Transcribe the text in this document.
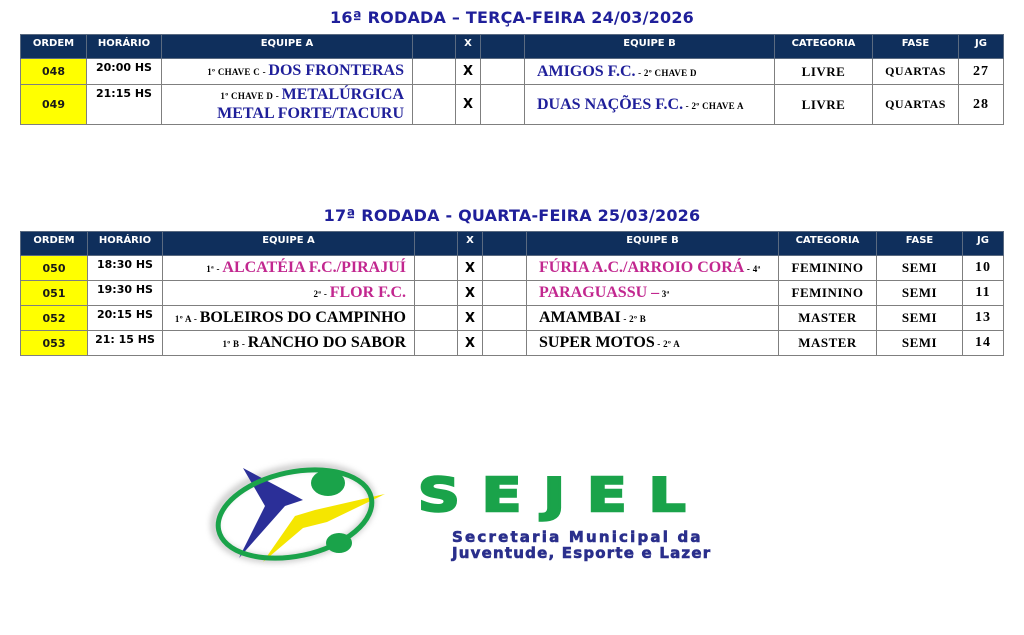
16ª RODADA – TERÇA-FEIRA 24/03/2026
ORDEM	HORÁRIO	EQUIPE A		X		EQUIPE B	CATEGORIA	FASE	JG
048	20:00 HS	1º CHAVE C - DOS FRONTERAS		X		AMIGOS F.C. - 2º CHAVE D	LIVRE	QUARTAS	27
049	21:15 HS	1º CHAVE D - METALÚRGICA
METAL FORTE/TACURU		X		DUAS NAÇÕES F.C. - 2º CHAVE A	LIVRE	QUARTAS	28
17ª RODADA - QUARTA-FEIRA 25/03/2026
ORDEM	HORÁRIO	EQUIPE A		X		EQUIPE B	CATEGORIA	FASE	JG
050	18:30 HS	1ª - ALCATÉIA F.C./PIRAJUÍ		X		FÚRIA A.C./ARROIO CORÁ - 4ª	FEMININO	SEMI	10
051	19:30 HS	2ª - FLOR F.C.		X		PARAGUASSU – 3ª	FEMININO	SEMI	11
052	20:15 HS	1º A - BOLEIROS DO CAMPINHO		X		AMAMBAI - 2º B	MASTER	SEMI	13
053	21: 15 HS	1º B - RANCHO DO SABOR		X		SUPER MOTOS - 2º A	MASTER	SEMI	14
SEJEL
Secretaria Municipal da
Juventude, Esporte e Lazer
